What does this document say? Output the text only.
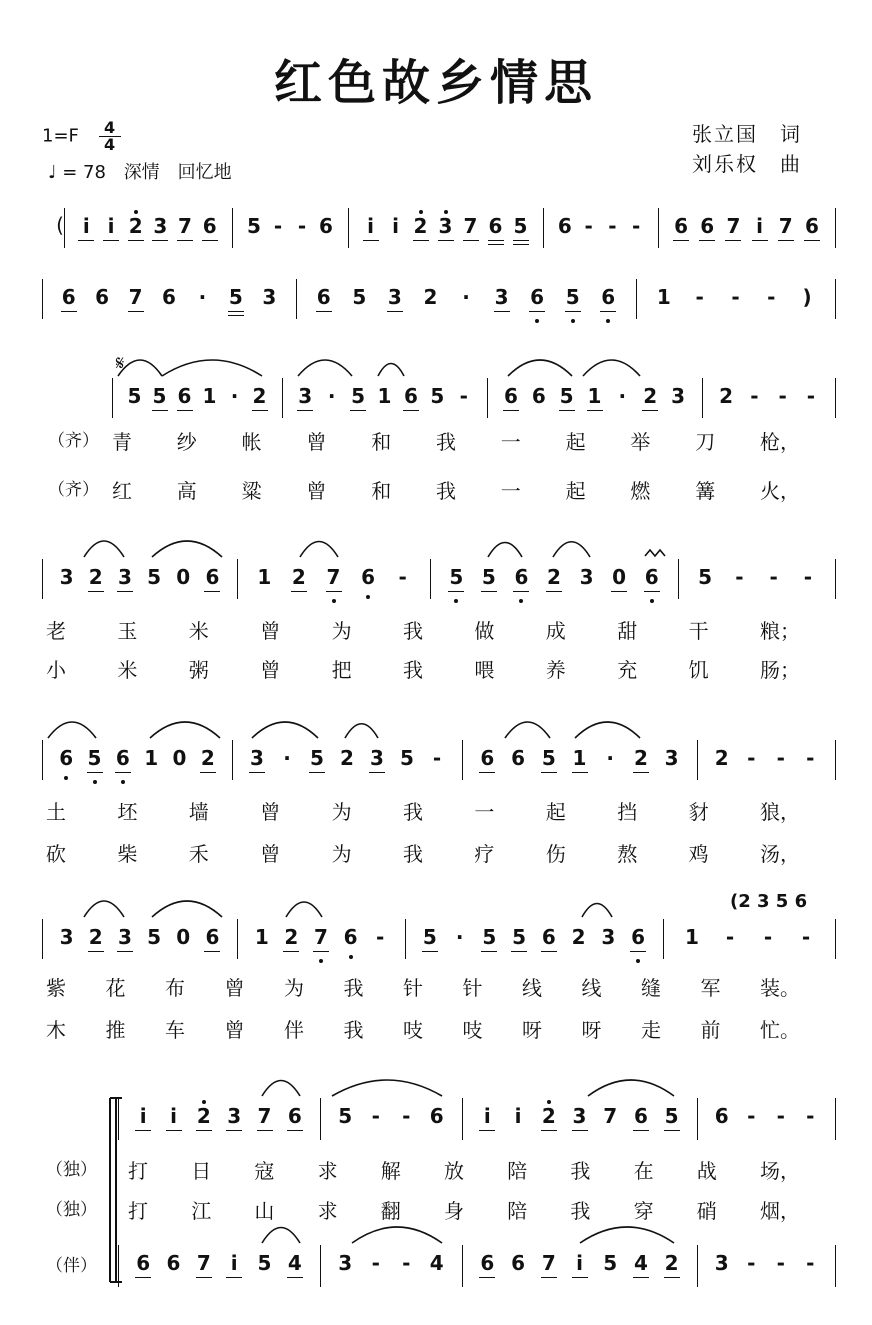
红色故乡情思
$1=F \frac{4}{4}$
♩ = 78 深情　回忆地
张立国　词
刘乐权　曲
( i i 2 3 7 6 5 - - 6	i i 2 3 7 6 5 6 - - - 6 6 7 i 7 6
6 6 7 6	·	5 3 6 5 3 2	·	3 6 5 6 1 - - - )
𝄋
5 5 6 1 · 2 3 · 5 1 6 5 - 6 6 5 1 · 2 3 2 - - -
（齐） 青 纱 帐 曾 和 我 一 起 举 刀 枪，
（齐） 红 高 粱 曾 和 我 一 起 燃 篝 火，
3 2 3 5 0 6 1 2 7 6 - 5 5 6 2 3 0 6 5 - - -
老	玉	米	曾	为	我	做	成	甜	干	粮；
小	米	粥	曾	把	我	喂	养	充	饥	肠；
6 5 6 1 0 2 3 · 5 2 3 5 - 6 6 5 1 · 2 3 2 - - -
土	坯	墙	曾	为	我	一	起	挡	豺	狼，
砍	柴	禾	曾	为	我	疗	伤	熬	鸡	汤，
(2 3 5 6
3 2 3 5 0 6 1 2 7 6 - 5 · 5 5 6 2 3 6 1 - - -
紫 花 布 曾 为 我 针 针 线 线 缝 军 装。
木 推 车 曾 伴 我 吱 吱 呀 呀 走 前 忙。
i	i 2 3 7 6 5 - - 6	i	i	2 3 7 6 5 6 - - -
（独） 打 日 寇 求 解 放 陪 我 在 战 场，
（独） 打 江 山 求 翻 身 陪 我 穿 硝 烟，
（伴） 6 6 7 i 5 4 3 - - 4 6 6 7	i	5 4 2 3 - - -
